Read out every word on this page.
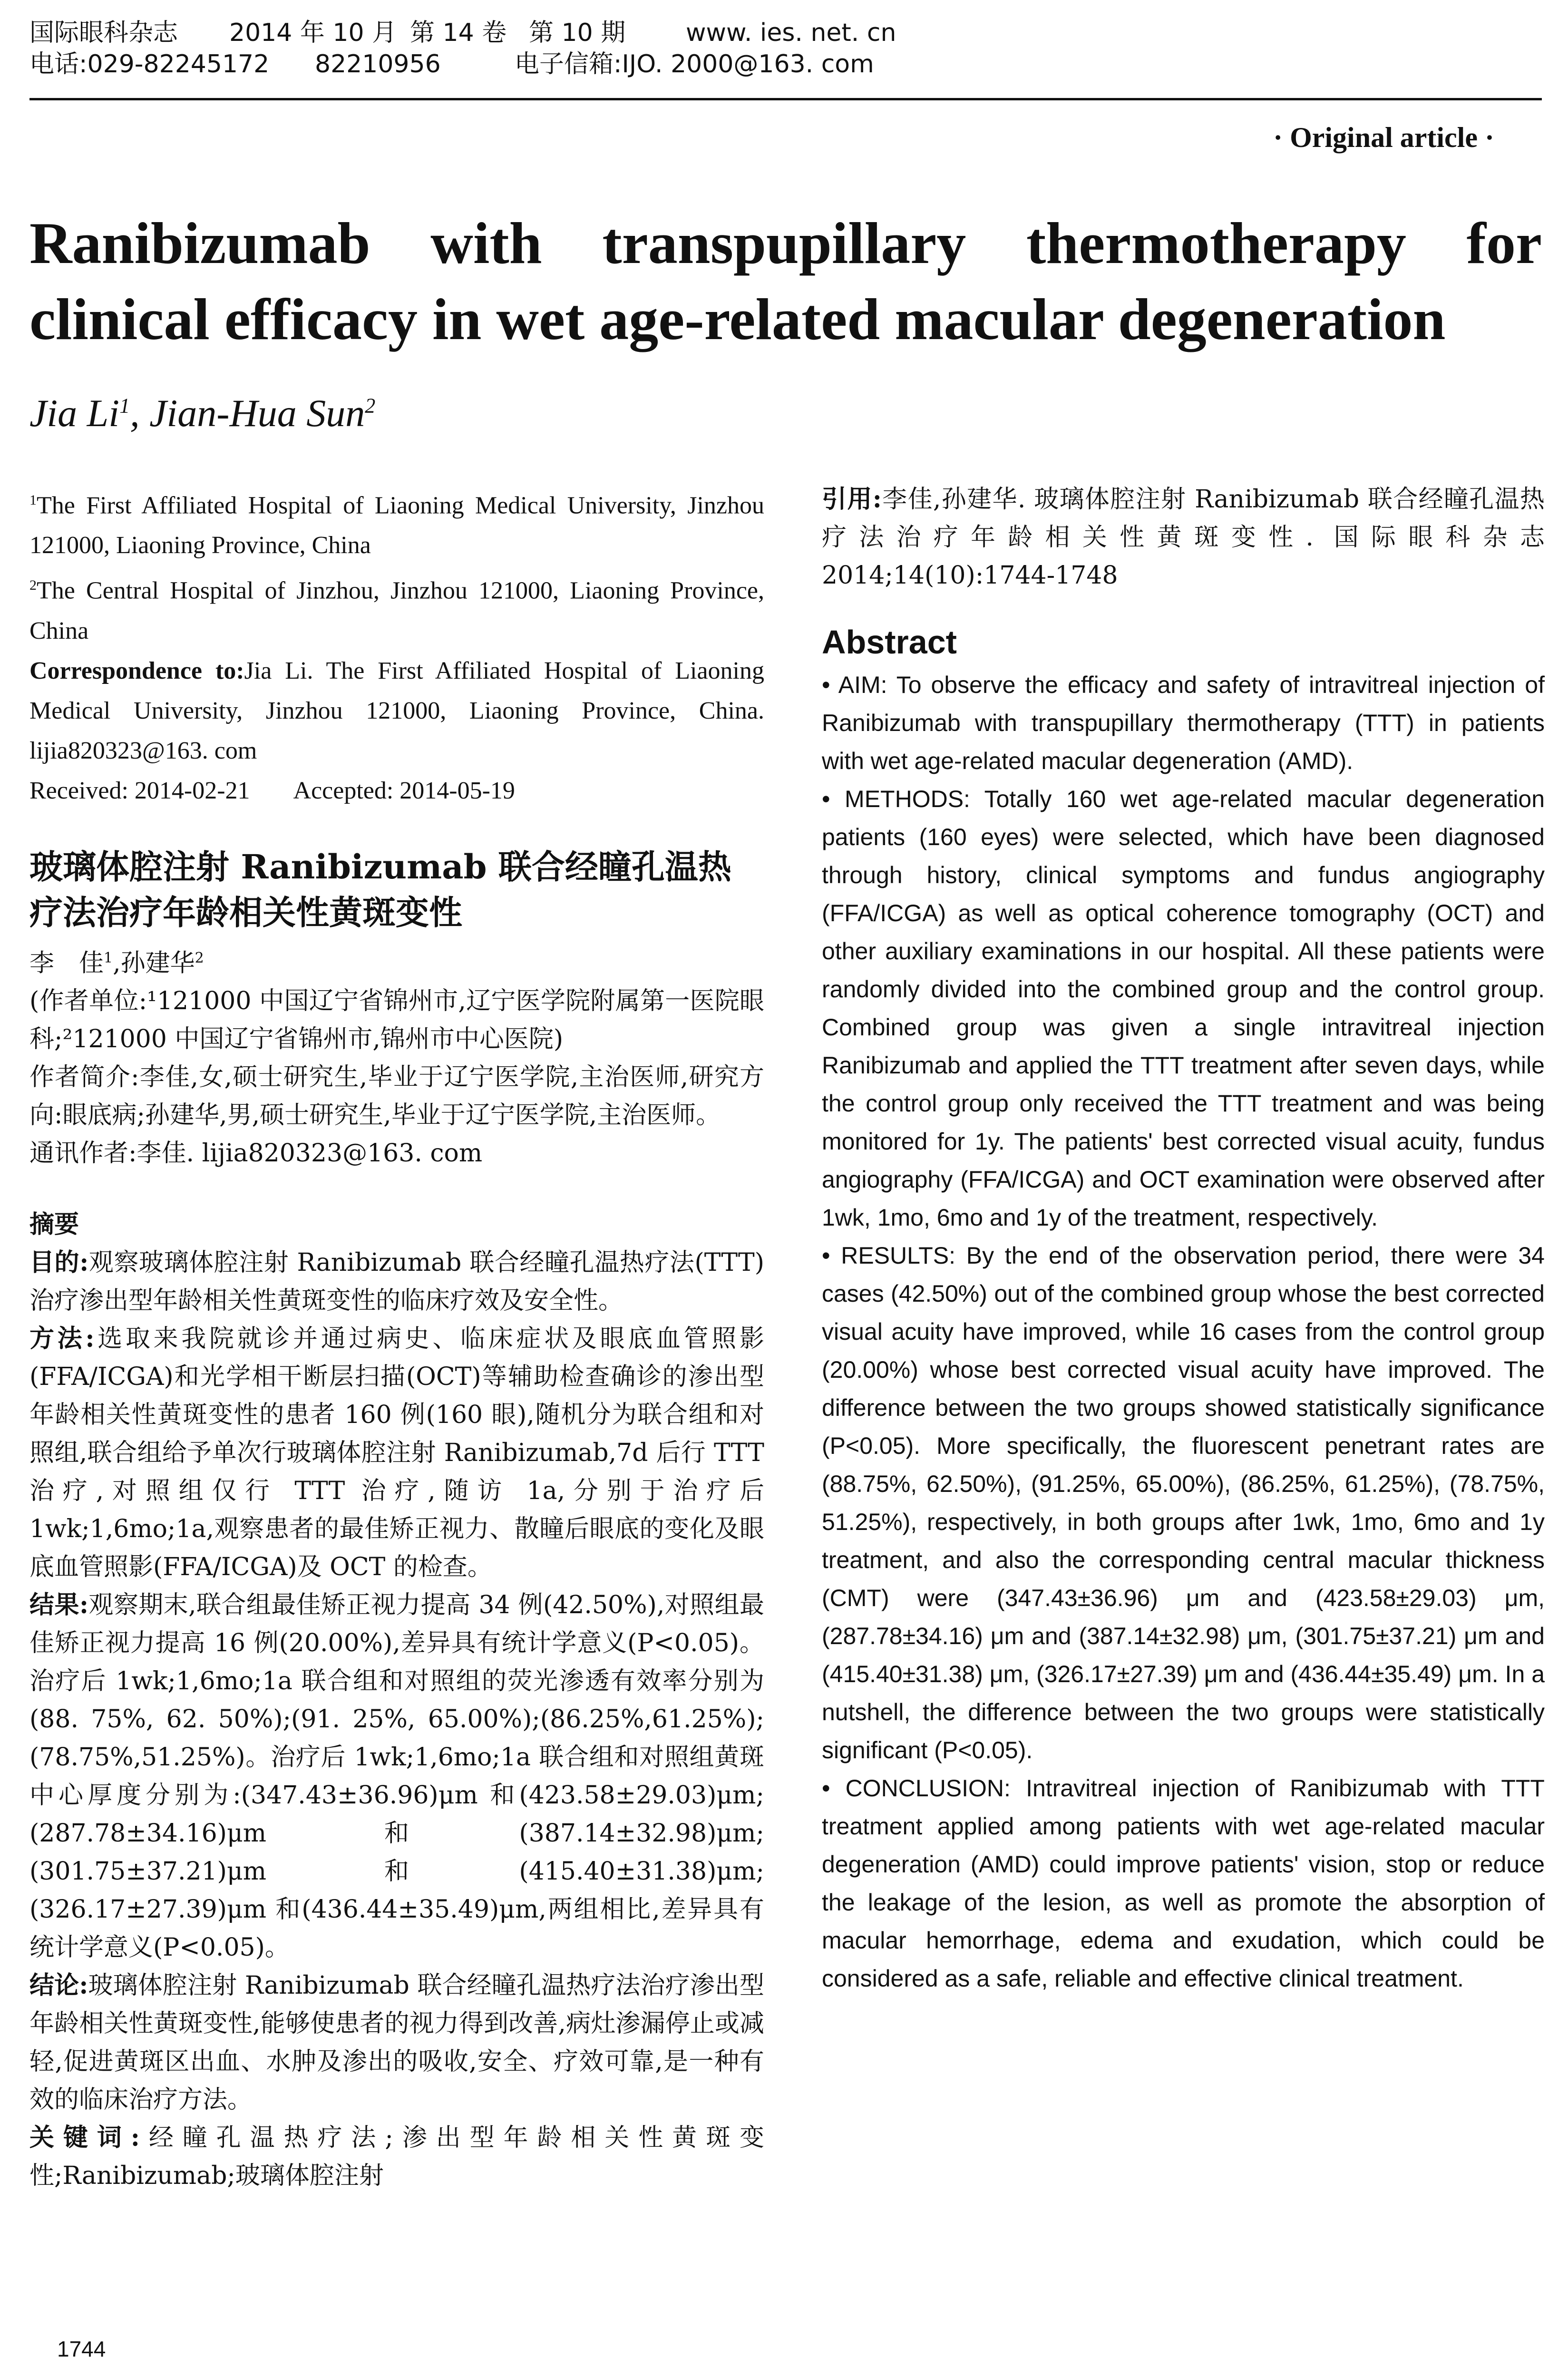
国际眼科杂志	2014 年 10 月 第 14 卷 第 10 期	www. ies. net. cn
电话:029-82245172	82210956	电子信箱:IJO. 2000@163. com
· Original article ·
Ranibizumab with transpupillary thermotherapy for
clinical efficacy in wet age-related macular degeneration
Jia Li$^1$, Jian-Hua Sun$^2$

$^1$The First Affiliated Hospital of Liaoning Medical University, Jinzhou 121000, Liaoning Province, China

$^2$The Central Hospital of Jinzhou, Jinzhou 121000, Liaoning Province, China

Correspondence to:Jia Li. The First Affiliated Hospital of Liaoning Medical University, Jinzhou 121000, Liaoning Province, China. lijia820323@163. com

Received: 2014-02-21 Accepted: 2014-05-19

玻璃体腔注射 Ranibizumab 联合经瞳孔温热疗法治疗年龄相关性黄斑变性

李　佳$^1$,孙建华$^2$

(作者单位:¹121000 中国辽宁省锦州市,辽宁医学院附属第一医院眼科;²121000 中国辽宁省锦州市,锦州市中心医院)

作者简介:李佳,女,硕士研究生,毕业于辽宁医学院,主治医师,研究方向:眼底病;孙建华,男,硕士研究生,毕业于辽宁医学院,主治医师。

通讯作者:李佳. lijia820323@163. com

摘要

目的:观察玻璃体腔注射 Ranibizumab 联合经瞳孔温热疗法(TTT)治疗渗出型年龄相关性黄斑变性的临床疗效及安全性。

方法:选取来我院就诊并通过病史、临床症状及眼底血管照影(FFA/ICGA)和光学相干断层扫描(OCT)等辅助检查确诊的渗出型年龄相关性黄斑变性的患者 160 例(160 眼),随机分为联合组和对照组,联合组给予单次行玻璃体腔注射 Ranibizumab,7d 后行 TTT 治疗,对照组仅行 TTT 治疗,随访 1a,分别于治疗后 1wk;1,6mo;1a,观察患者的最佳矫正视力、散瞳后眼底的变化及眼底血管照影(FFA/ICGA)及 OCT 的检查。

结果:观察期末,联合组最佳矫正视力提高 34 例(42.50%),对照组最佳矫正视力提高 16 例(20.00%),差异具有统计学意义(P<0.05)。治疗后 1wk;1,6mo;1a 联合组和对照组的荧光渗透有效率分别为(88. 75%, 62. 50%);(91. 25%, 65.00%);(86.25%,61.25%);(78.75%,51.25%)。治疗后 1wk;1,6mo;1a 联合组和对照组黄斑中心厚度分别为:(347.43±36.96)μm 和(423.58±29.03)μm;(287.78±34.16)μm 和(387.14±32.98)μm;(301.75±37.21)μm 和(415.40±31.38)μm;(326.17±27.39)μm 和(436.44±35.49)μm,两组相比,差异具有统计学意义(P<0.05)。

结论:玻璃体腔注射 Ranibizumab 联合经瞳孔温热疗法治疗渗出型年龄相关性黄斑变性,能够使患者的视力得到改善,病灶渗漏停止或减轻,促进黄斑区出血、水肿及渗出的吸收,安全、疗效可靠,是一种有效的临床治疗方法。

关键词:经瞳孔温热疗法;渗出型年龄相关性黄斑变性;Ranibizumab;玻璃体腔注射

引用:李佳,孙建华. 玻璃体腔注射 Ranibizumab 联合经瞳孔温热疗法治疗年龄相关性黄斑变性. 国际眼科杂志 2014;14(10):1744-1748

Abstract

• AIM: To observe the efficacy and safety of intravitreal injection of Ranibizumab with transpupillary thermotherapy (TTT) in patients with wet age-related macular degeneration (AMD).

• METHODS: Totally 160 wet age-related macular degeneration patients (160 eyes) were selected, which have been diagnosed through history, clinical symptoms and fundus angiography (FFA/ICGA) as well as optical coherence tomography (OCT) and other auxiliary examinations in our hospital. All these patients were randomly divided into the combined group and the control group. Combined group was given a single intravitreal injection Ranibizumab and applied the TTT treatment after seven days, while the control group only received the TTT treatment and was being monitored for 1y. The patients' best corrected visual acuity, fundus angiography (FFA/ICGA) and OCT examination were observed after 1wk, 1mo, 6mo and 1y of the treatment, respectively.

• RESULTS: By the end of the observation period, there were 34 cases (42.50%) out of the combined group whose the best corrected visual acuity have improved, while 16 cases from the control group (20.00%) whose best corrected visual acuity have improved. The difference between the two groups showed statistically significance (P<0.05). More specifically, the fluorescent penetrant rates are (88.75%, 62.50%), (91.25%, 65.00%), (86.25%, 61.25%), (78.75%, 51.25%), respectively, in both groups after 1wk, 1mo, 6mo and 1y treatment, and also the corresponding central macular thickness (CMT) were (347.43±36.96) μm and (423.58±29.03) μm, (287.78±34.16) μm and (387.14±32.98) μm, (301.75±37.21) μm and (415.40±31.38) μm, (326.17±27.39) μm and (436.44±35.49) μm. In a nutshell, the difference between the two groups were statistically significant (P<0.05).

• CONCLUSION: Intravitreal injection of Ranibizumab with TTT treatment applied among patients with wet age-related macular degeneration (AMD) could improve patients' vision, stop or reduce the leakage of the lesion, as well as promote the absorption of macular hemorrhage, edema and exudation, which could be considered as a safe, reliable and effective clinical treatment.

1744
